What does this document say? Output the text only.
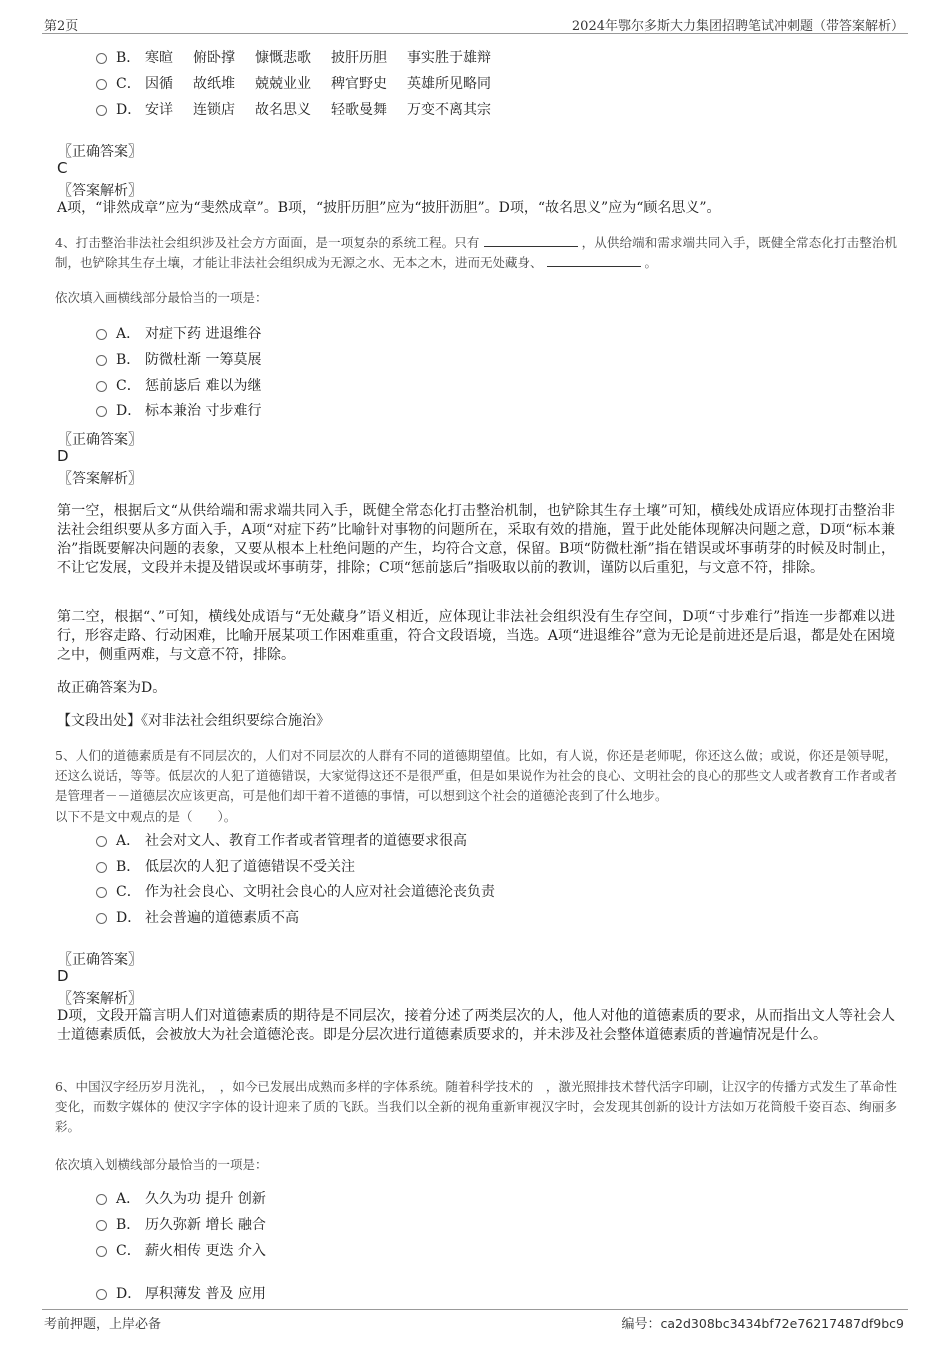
第2页	2024年鄂尔多斯大力集团招聘笔试冲刺题（带答案解析）
B． 寒暄 俯卧撑 慷慨悲歌 披肝历胆 事实胜于雄辩
C． 因循 故纸堆 兢兢业业 稗官野史 英雄所见略同
D． 安详 连锁店 故名思义 轻歌曼舞 万变不离其宗
〖正确答案〗
C
〖答案解析〗
A项，“诽然成章”应为“斐然成章”。B项，“披肝历胆”应为“披肝沥胆”。D项，“故名思义”应为“顾名思义”。
4、打击整治非法社会组织涉及社会方方面面，是一项复杂的系统工程。只有	，从供给端和需求端共同入手，既健全常态化打击整治机制，也铲除其生存土壤，才能让非法社会组织成为无源之水、无本之木，进而无处藏身、	。
依次填入画横线部分最恰当的一项是：
A． 对症下药 进退维谷
B． 防微杜渐 一筹莫展
C． 惩前毖后 难以为继
D． 标本兼治 寸步难行
〖正确答案〗
D
〖答案解析〗
第一空，根据后文“从供给端和需求端共同入手，既健全常态化打击整治机制，也铲除其生存土壤”可知，横线处成语应体现打击整治非法社会组织要从多方面入手，A项“对症下药”比喻针对事物的问题所在，采取有效的措施，置于此处能体现解决问题之意，D项“标本兼治”指既要解决问题的表象，又要从根本上杜绝问题的产生，均符合文意，保留。B项“防微杜渐”指在错误或坏事萌芽的时候及时制止，不让它发展，文段并未提及错误或坏事萌芽，排除；C项“惩前毖后”指吸取以前的教训，谨防以后重犯，与文意不符，排除。
第二空，根据“、”可知，横线处成语与“无处藏身”语义相近，应体现让非法社会组织没有生存空间，D项“寸步难行”指连一步都难以进行，形容走路、行动困难，比喻开展某项工作困难重重，符合文段语境，当选。A项“进退维谷”意为无论是前进还是后退，都是处在困境之中，侧重两难，与文意不符，排除。
故正确答案为D。
【文段出处】《对非法社会组织要综合施治》
5、人们的道德素质是有不同层次的，人们对不同层次的人群有不同的道德期望值。比如，有人说，你还是老师呢，你还这么做；或说，你还是领导呢，还这么说话，等等。低层次的人犯了道德错误，大家觉得这还不是很严重，但是如果说作为社会的良心、文明社会的良心的那些文人或者教育工作者或者是管理者－－道德层次应该更高，可是他们却干着不道德的事情，可以想到这个社会的道德沦丧到了什么地步。
以下不是文中观点的是（　　）。
A． 社会对文人、教育工作者或者管理者的道德要求很高
B． 低层次的人犯了道德错误不受关注
C． 作为社会良心、文明社会良心的人应对社会道德沦丧负责
D． 社会普遍的道德素质不高
〖正确答案〗
D
〖答案解析〗
D项，文段开篇言明人们对道德素质的期待是不同层次，接着分述了两类层次的人，他人对他的道德素质的要求，从而指出文人等社会人士道德素质低，会被放大为社会道德沦丧。即是分层次进行道德素质要求的，并未涉及社会整体道德素质的普遍情况是什么。
6、中国汉字经历岁月洗礼，　，如今已发展出成熟而多样的字体系统。随着科学技术的　，激光照排技术替代活字印刷，让汉字的传播方式发生了革命性变化，而数字媒体的 使汉字字体的设计迎来了质的飞跃。当我们以全新的视角重新审视汉字时，会发现其创新的设计方法如万花筒般千姿百态、绚丽多彩。
依次填入划横线部分最恰当的一项是：
A． 久久为功 提升 创新
B． 历久弥新 增长 融合
C． 薪火相传 更迭 介入
D． 厚积薄发 普及 应用
考前押题，上岸必备	编号：ca2d308bc3434bf72e76217487df9bc9
